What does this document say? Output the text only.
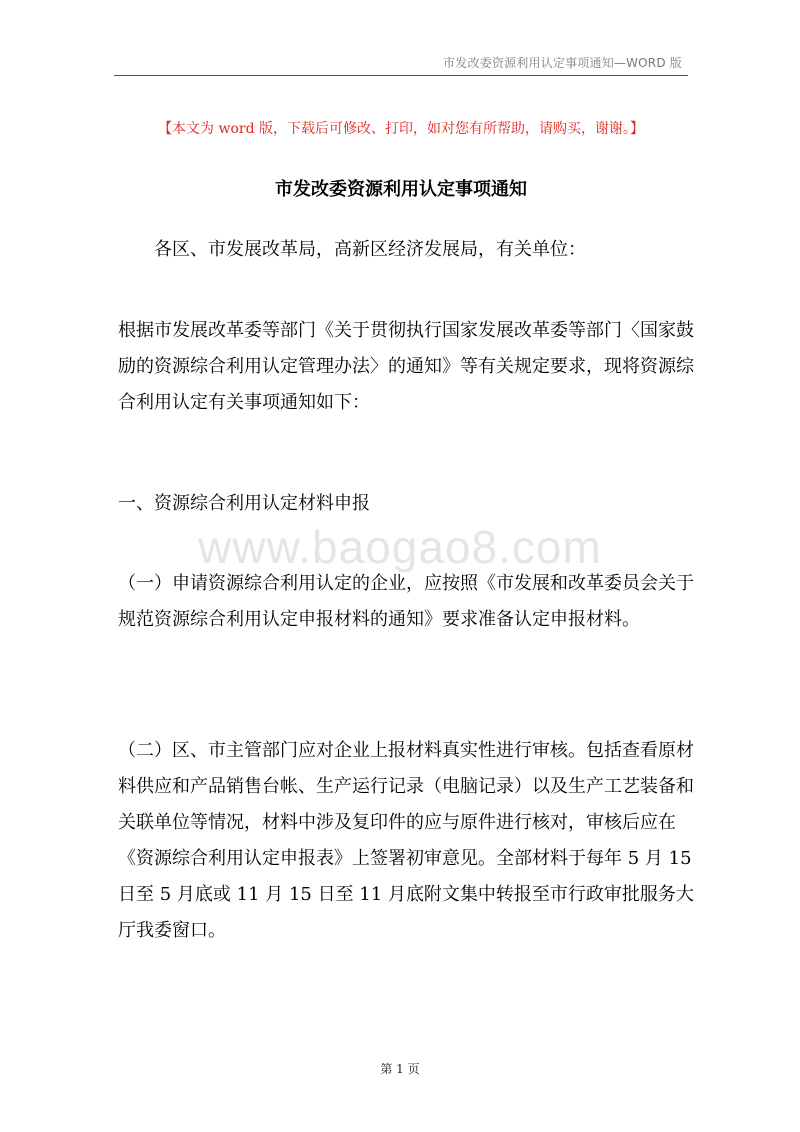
市发改委资源利用认定事项通知—WORD 版
【本文为 word 版，下载后可修改、打印，如对您有所帮助，请购买，谢谢。】
市发改委资源利用认定事项通知
各区、市发展改革局，高新区经济发展局，有关单位：
根据市发展改革委等部门《关于贯彻执行国家发展改革委等部门〈国家鼓励的资源综合利用认定管理办法〉的通知》等有关规定要求，现将资源综合利用认定有关事项通知如下：
一、资源综合利用认定材料申报
www.baogao8.com
（一）申请资源综合利用认定的企业，应按照《市发展和改革委员会关于规范资源综合利用认定申报材料的通知》要求准备认定申报材料。
（二）区、市主管部门应对企业上报材料真实性进行审核。包括查看原材料供应和产品销售台帐、生产运行记录（电脑记录）以及生产工艺装备和关联单位等情况，材料中涉及复印件的应与原件进行核对，审核后应在《资源综合利用认定申报表》上签署初审意见。全部材料于每年 5 月 15 日至 5 月底或 11 月 15 日至 11 月底附文集中转报至市行政审批服务大厅我委窗口。
第 1 页
